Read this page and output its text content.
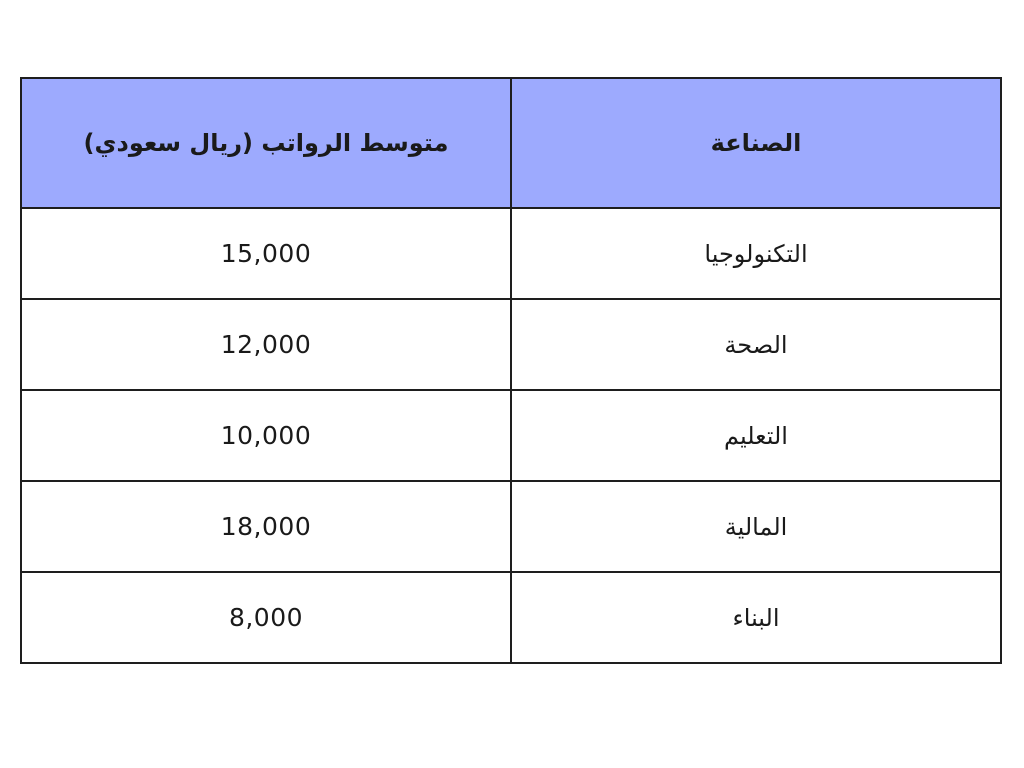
متوسط الرواتب (ريال سعودي)	الصناعة
15,000	التكنولوجيا
12,000	الصحة
10,000	التعليم
18,000	المالية
8,000	البناء
